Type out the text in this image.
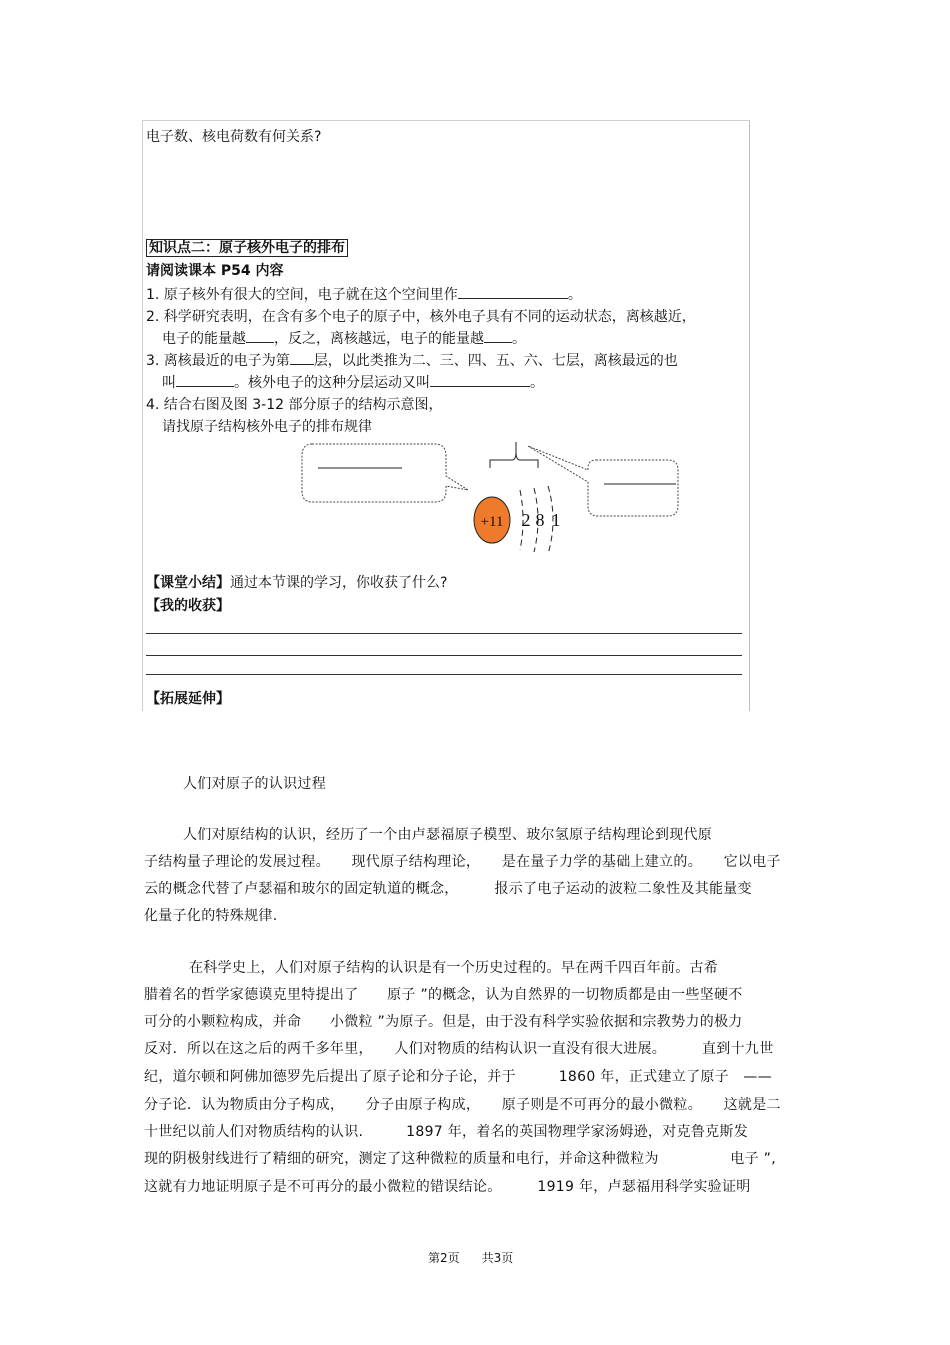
电子数、核电荷数有何关系?
知识点二：原子核外电子的排布
请阅读课本 P54 内容
1. 原子核外有很大的空间，电子就在这个空间里作	。
2. 科学研究表明，在含有多个电子的原子中，核外电子具有不同的运动状态，离核越近，
电子的能量越 ，反之，离核越远，电子的能量越 。
3. 离核最近的电子为第 层，以此类推为二、三、四、五、六、七层，离核最远的也
叫	。核外电子的这种分层运动又叫	。
4. 结合右图及图 3-12 部分原子的结构示意图，
请找原子结构核外电子的排布规律
+11 2 8 1
【课堂小结】通过本节课的学习，你收获了什么?
【我的收获】
【拓展延伸】
人们对原子的认识过程
人们对原结构的认识，经历了一个由卢瑟福原子模型、玻尔氢原子结构理论到现代原
子结构量子理论的发展过程。　　现代原子结构理论，　　是在量子力学的基础上建立的。　　它以电子
云的概念代替了卢瑟福和玻尔的固定轨道的概念，　　　报示了电子运动的波粒二象性及其能量变
化量子化的特殊规律.
在科学史上，人们对原子结构的认识是有一个历史过程的。早在两千四百年前。古希
腊着名的哲学家德谟克里特提出了　　原子 ”的概念，认为自然界的一切物质都是由一些坚硬不
可分的小颗粒构成，并命　　小微粒 ”为原子。但是，由于没有科学实验依据和宗教势力的极力
反对．所以在这之后的两千多年里，　　人们对物质的结构认识一直没有很大进展。　　　直到十九世
纪，道尔顿和阿佛加德罗先后提出了原子论和分子论，并于　　　1860 年，正式建立了原子　——
分子论．认为物质由分子构成，　　分子由原子构成，　　原子则是不可再分的最小微粒。　　这就是二
十世纪以前人们对物质结构的认识.　　　1897 年，着名的英国物理学家汤姆逊，对克鲁克斯发
现的阴极射线进行了精细的研究，测定了这种微粒的质量和电行，并命这种微粒为　　　　　电子 ”,
这就有力地证明原子是不可再分的最小微粒的错误结论。　　　1919 年，卢瑟福用科学实验证明
第2页 共3页
